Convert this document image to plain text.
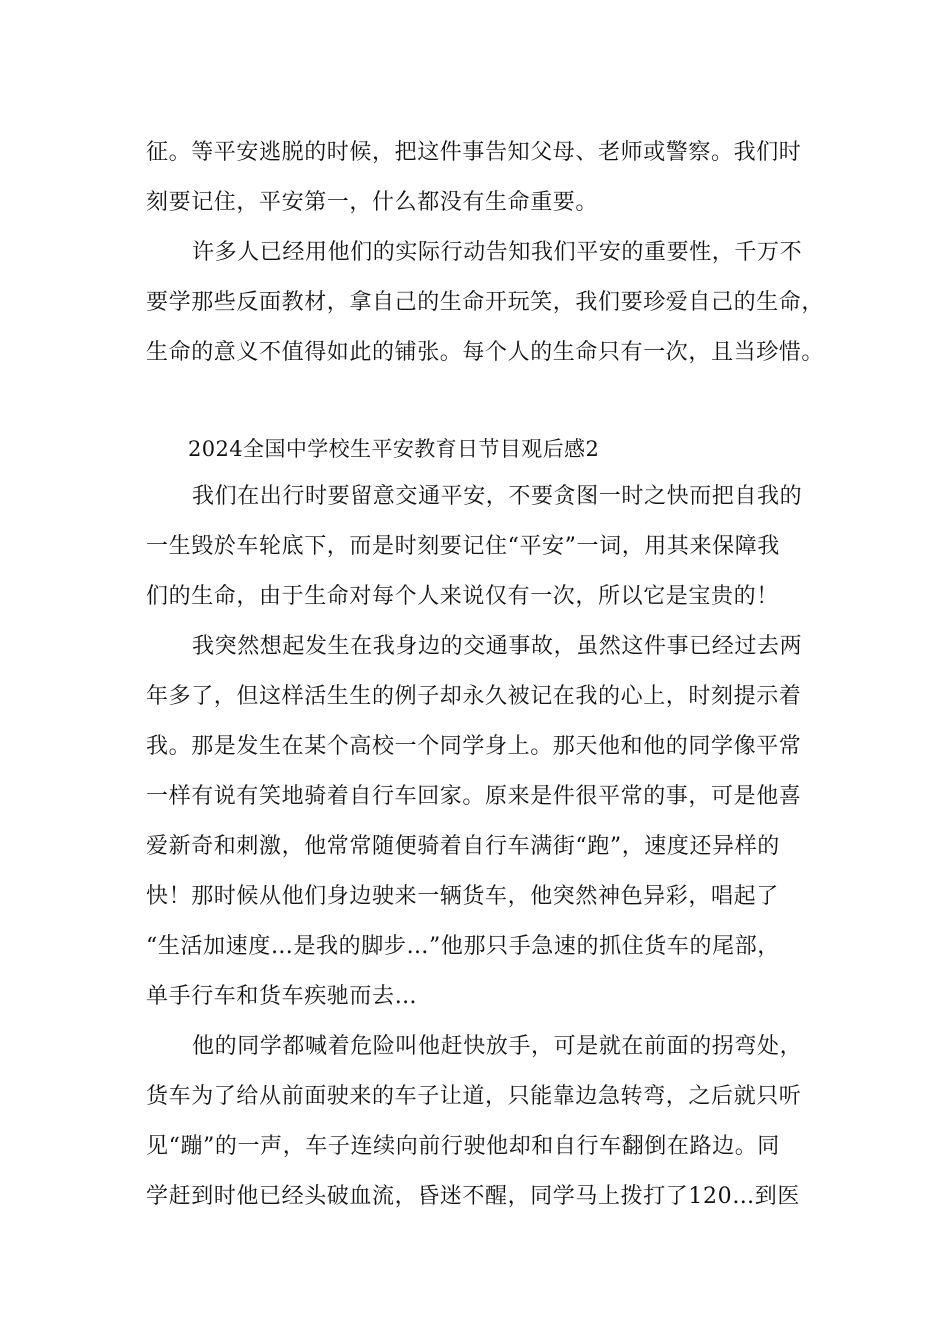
征。等平安逃脱的时候，把这件事告知父母、老师或警察。我们时
刻要记住，平安第一，什么都没有生命重要。

许多人已经用他们的实际行动告知我们平安的重要性，千万不
要学那些反面教材，拿自己的生命开玩笑，我们要珍爱自己的生命，
生命的意义不值得如此的铺张。每个人的生命只有一次，且当珍惜。

2024全国中学校生平安教育日节目观后感2

我们在出行时要留意交通平安，不要贪图一时之快而把自我的
一生毁於车轮底下，而是时刻要记住“平安”一词，用其来保障我
们的生命，由于生命对每个人来说仅有一次，所以它是宝贵的！

我突然想起发生在我身边的交通事故，虽然这件事已经过去两
年多了，但这样活生生的例子却永久被记在我的心上，时刻提示着
我。那是发生在某个高校一个同学身上。那天他和他的同学像平常
一样有说有笑地骑着自行车回家。原来是件很平常的事，可是他喜
爱新奇和刺激，他常常随便骑着自行车满街“跑”，速度还异样的
快！那时候从他们身边驶来一辆货车，他突然神色异彩，唱起了
“生活加速度…是我的脚步…”他那只手急速的抓住货车的尾部，
单手行车和货车疾驰而去…

他的同学都喊着危险叫他赶快放手，可是就在前面的拐弯处，
货车为了给从前面驶来的车子让道，只能靠边急转弯，之后就只听
见“蹦”的一声，车子连续向前行驶他却和自行车翻倒在路边。同
学赶到时他已经头破血流，昏迷不醒，同学马上拨打了120…到医
